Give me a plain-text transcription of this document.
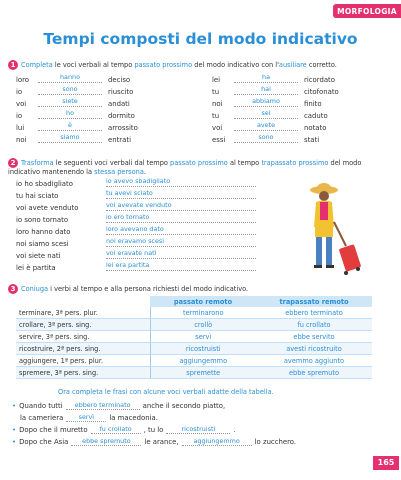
MORFOLOGIA
Tempi composti del modo indicativo
1 Completa le voci verbali al tempo passato prossimo del modo indicativo con l'ausiliare corretto.
loro	hanno	deciso
io	sono	riuscito
voi	siete	andati
io	ho	dormito
lui	è	arrossito
noi	siamo	entrati
lei	ha	ricordato
tu	hai	citofonato
noi	abbiamo	finito
tu	sei	caduto
voi	avete	notato
essi	sono	stati
2 Trasforma le seguenti voci verbali dal tempo passato prossimo al tempo trapassato prossimo del modo indicativo mantenendo la stessa persona.
io ho sbadigliato	io avevo sbadigliato
tu hai sciato	tu avevi sciato
voi avete venduto	voi avevate venduto
io sono tornato	io ero tornato
loro hanno dato	loro avevano dato
noi siamo scesi	noi eravamo scesi
voi siete nati	voi eravate nati
lei è partita	lei era partita
3 Coniuga i verbi al tempo e alla persona richiesti del modo indicativo.
	passato remoto	trapassato remoto
terminare, 3ª pers. plur.	terminarono	ebbero terminato
crollare, 3ª pers. sing.	crollò	fu crollato
servire, 3ª pers. sing.	servì	ebbe servito
ricostruire, 2ª pers. sing.	ricostruisti	avesti ricostruito
aggiungere, 1ª pers. plur.	aggiungemmo	avemmo aggiunto
spremere, 3ª pers. sing.	spremette	ebbe spremuto
Ora completa le frasi con alcune voci verbali adatte della tabella.
• Quando tutti	ebbero terminato	anche il secondo piatto,
la cameriera	servì	la macedonia.
• Dopo che il muretto	fu crollato	, tu lo	ricostruisti	.
• Dopo che Asia	ebbe spremuto	le arance,	aggiungemmo	lo zucchero.
165
